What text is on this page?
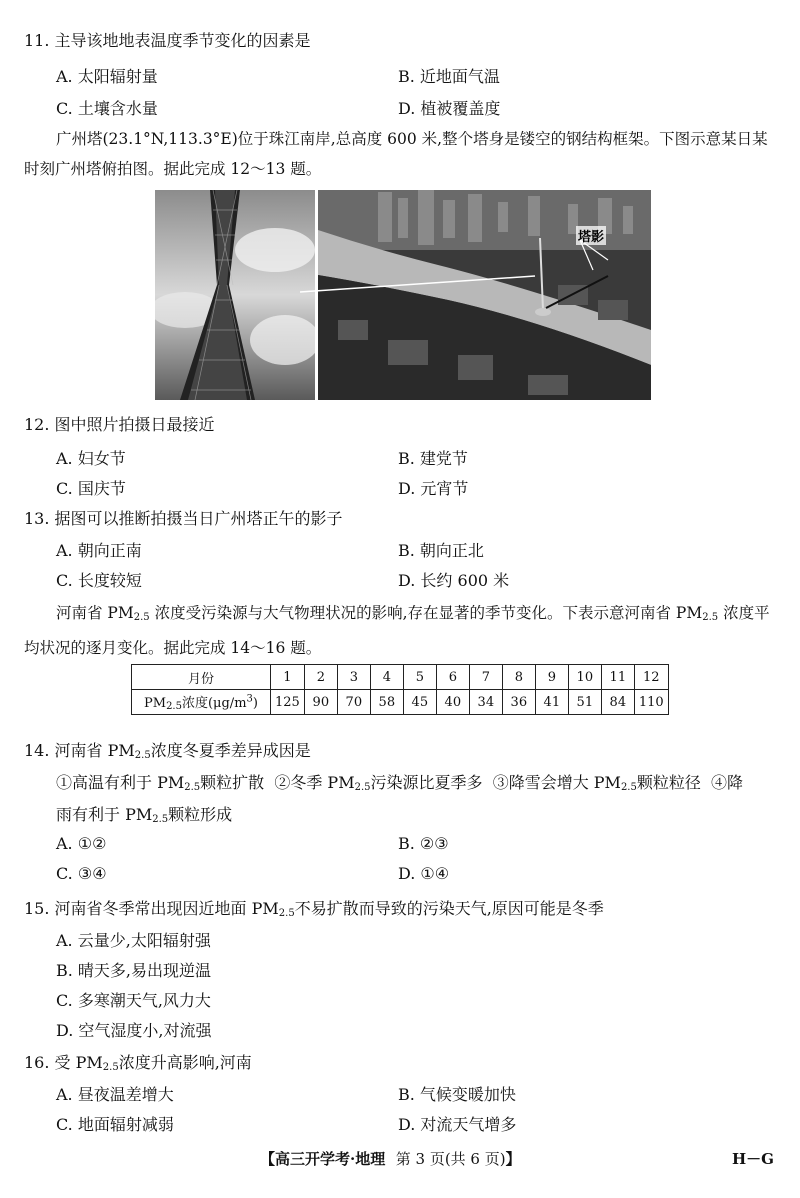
11. 主导该地地表温度季节变化的因素是
A. 太阳辐射量	B. 近地面气温
C. 土壤含水量	D. 植被覆盖度
广州塔(23.1°N,113.3°E)位于珠江南岸,总高度 600 米,整个塔身是镂空的钢结构框架。下图示意某日某时刻广州塔俯拍图。据此完成 12～13 题。
塔影
12. 图中照片拍摄日最接近
A. 妇女节	B. 建党节
C. 国庆节	D. 元宵节
13. 据图可以推断拍摄当日广州塔正午的影子
A. 朝向正南	B. 朝向正北
C. 长度较短	D. 长约 600 米
河南省 $PM_{2.5}$ 浓度受污染源与大气物理状况的影响,存在显著的季节变化。下表示意河南省 $PM_{2.5}$ 浓度平均状况的逐月变化。据此完成 14～16 题。
月份	1	2	3	4	5	6	7	8	9	10	11	12
$PM_{2.5}$浓度$(\mu g/m^3)$	125	90	70	58	45	40	34	36	41	51	84	110
14. 河南省 $PM_{2.5}$浓度冬夏季差异成因是
①高温有利于 $PM_{2.5}$颗粒扩散 ②冬季 $PM_{2.5}$污染源比夏季多 ③降雪会增大 $PM_{2.5}$颗粒粒径 ④降
雨有利于 $PM_{2.5}$颗粒形成
A. ①②	B. ②③
C. ③④	D. ①④
15. 河南省冬季常出现因近地面 $PM_{2.5}$不易扩散而导致的污染天气,原因可能是冬季
A. 云量少,太阳辐射强
B. 晴天多,易出现逆温
C. 多寒潮天气,风力大
D. 空气湿度小,对流强
16. 受 $PM_{2.5}$浓度升高影响,河南
A. 昼夜温差增大	B. 气候变暖加快
C. 地面辐射减弱	D. 对流天气增多
【高三开学考·地理 第 3 页(共 6 页)】	H－G
